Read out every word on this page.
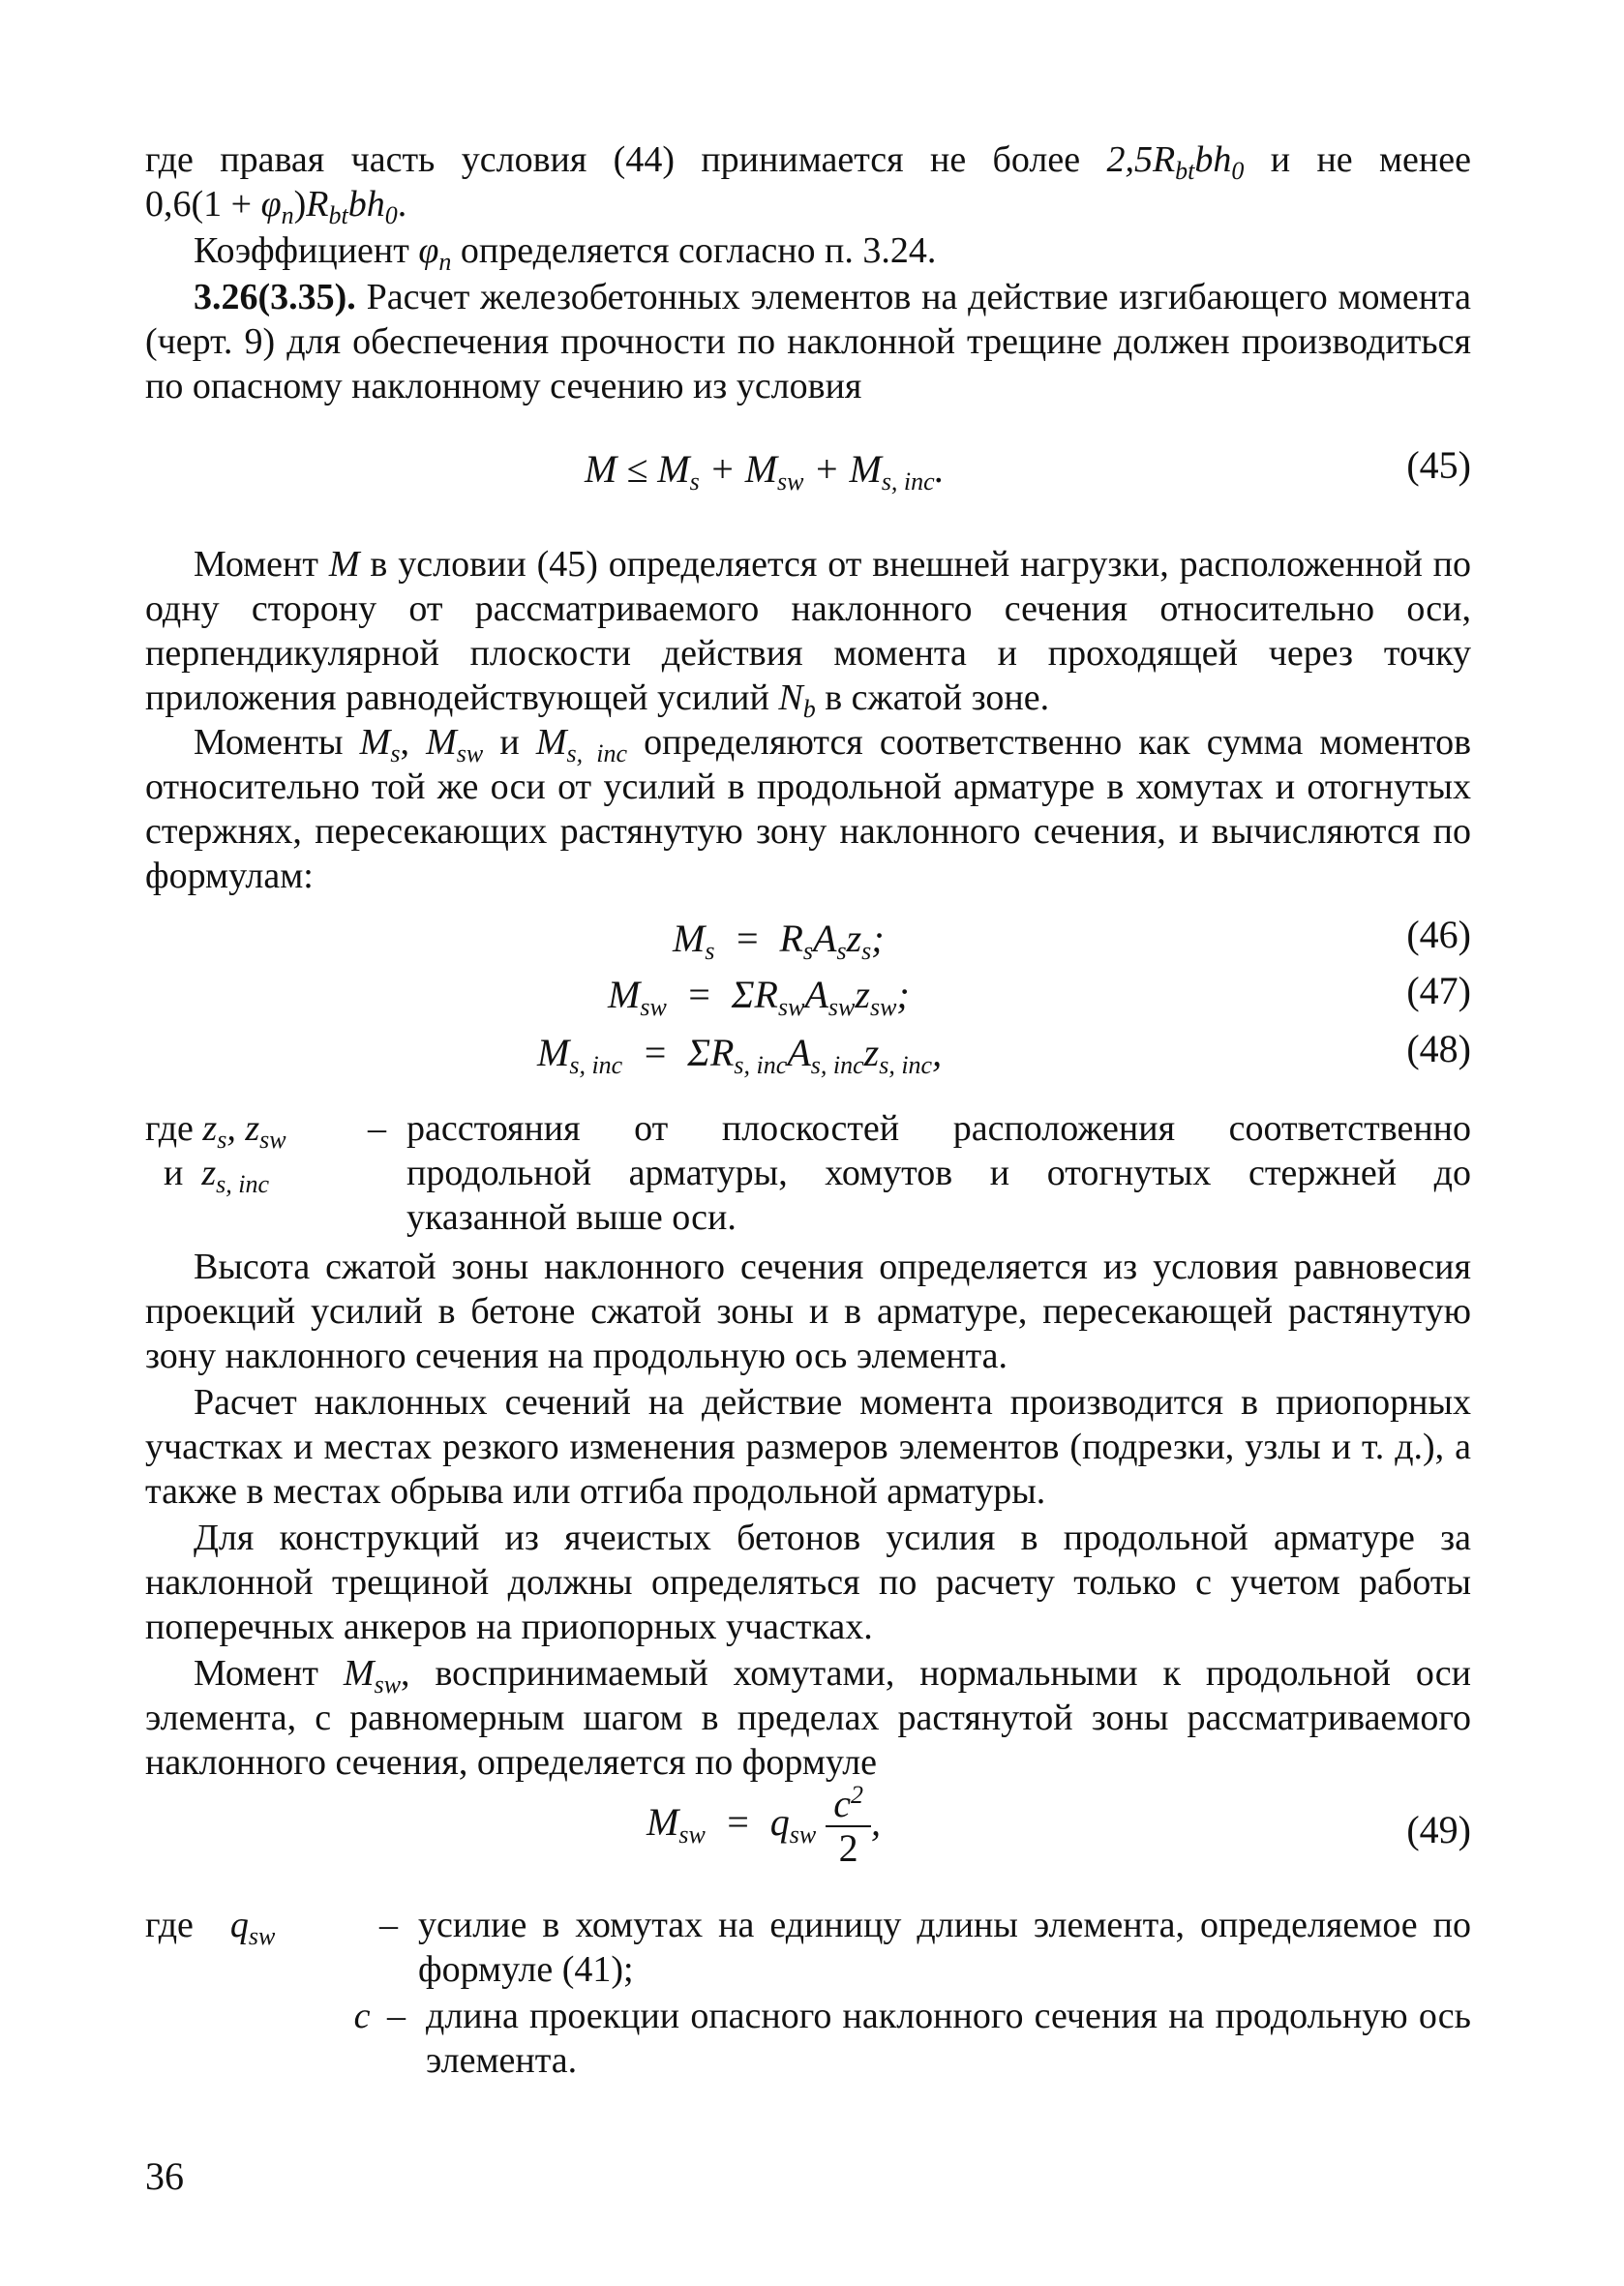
где правая часть условия (44) принимается не более $2,5R_{bt}bh_0$ и не менее
$0,6(1 + \varphi_n)R_{bt}bh_0$.
Коэффициент $\varphi_n$ определяется согласно п. 3.24.
3.26(3.35). Расчет железобетонных элементов на действие изгибающего момента (черт. 9) для обеспечения прочности по наклонной трещине должен производиться по опасному наклонному сечению из условия
$M \le M_s + M_{sw} + M_{s, inc}$.	(45)
Момент M в условии (45) определяется от внешней нагрузки, расположенной по одну сторону от рассматриваемого наклонного сечения относительно оси, перпендикулярной плоскости действия момента и проходящей через точку приложения равнодействующей усилий $N_b$ в сжатой зоне.
Моменты $M_s$, $M_{sw}$ и $M_{s, inc}$ определяются соответственно как сумма моментов относительно той же оси от усилий в продольной арматуре в хомутах и отогнутых стержнях, пересекающих растянутую зону наклонного сечения, и вычисляются по формулам:
$M_s = R_sA_sz_s$;	(46)
$M_{sw} = \Sigma R_{sw}A_{sw}z_{sw}$;	(47)
$M_{s, inc} = \Sigma R_{s, inc}A_{s, inc}z_{s, inc}$,	(48)
где $z_s$, $z_{sw}$
и $z_{s, inc}$
– расстояния от плоскостей расположения соответственно продольной арматуры, хомутов и отогнутых стержней до указанной выше оси.
Высота сжатой зоны наклонного сечения определяется из условия равновесия проекций усилий в бетоне сжатой зоны и в арматуре, пересекающей растянутую зону наклонного сечения на продольную ось элемента.
Расчет наклонных сечений на действие момента производится в приопорных участках и местах резкого изменения размеров элементов (подрезки, узлы и т. д.), а также в местах обрыва или отгиба продольной арматуры.
Для конструкций из ячеистых бетонов усилия в продольной арматуре за наклонной трещиной должны определяться по расчету только с учетом работы поперечных анкеров на приопорных участках.
Момент $M_{sw}$, воспринимаемый хомутами, нормальными к продольной оси элемента, с равномерным шагом в пределах растянутой зоны рассматриваемого наклонного сечения, определяется по формуле
$M_{sw} = q_{sw} \frac{c^2}{2}$ ,	(49)
где $q_{sw}$	– усилие в хомутах на единицу длины элемента, определяемое по формуле (41);
c – длина проекции опасного наклонного сечения на продольную ось элемента.
36
